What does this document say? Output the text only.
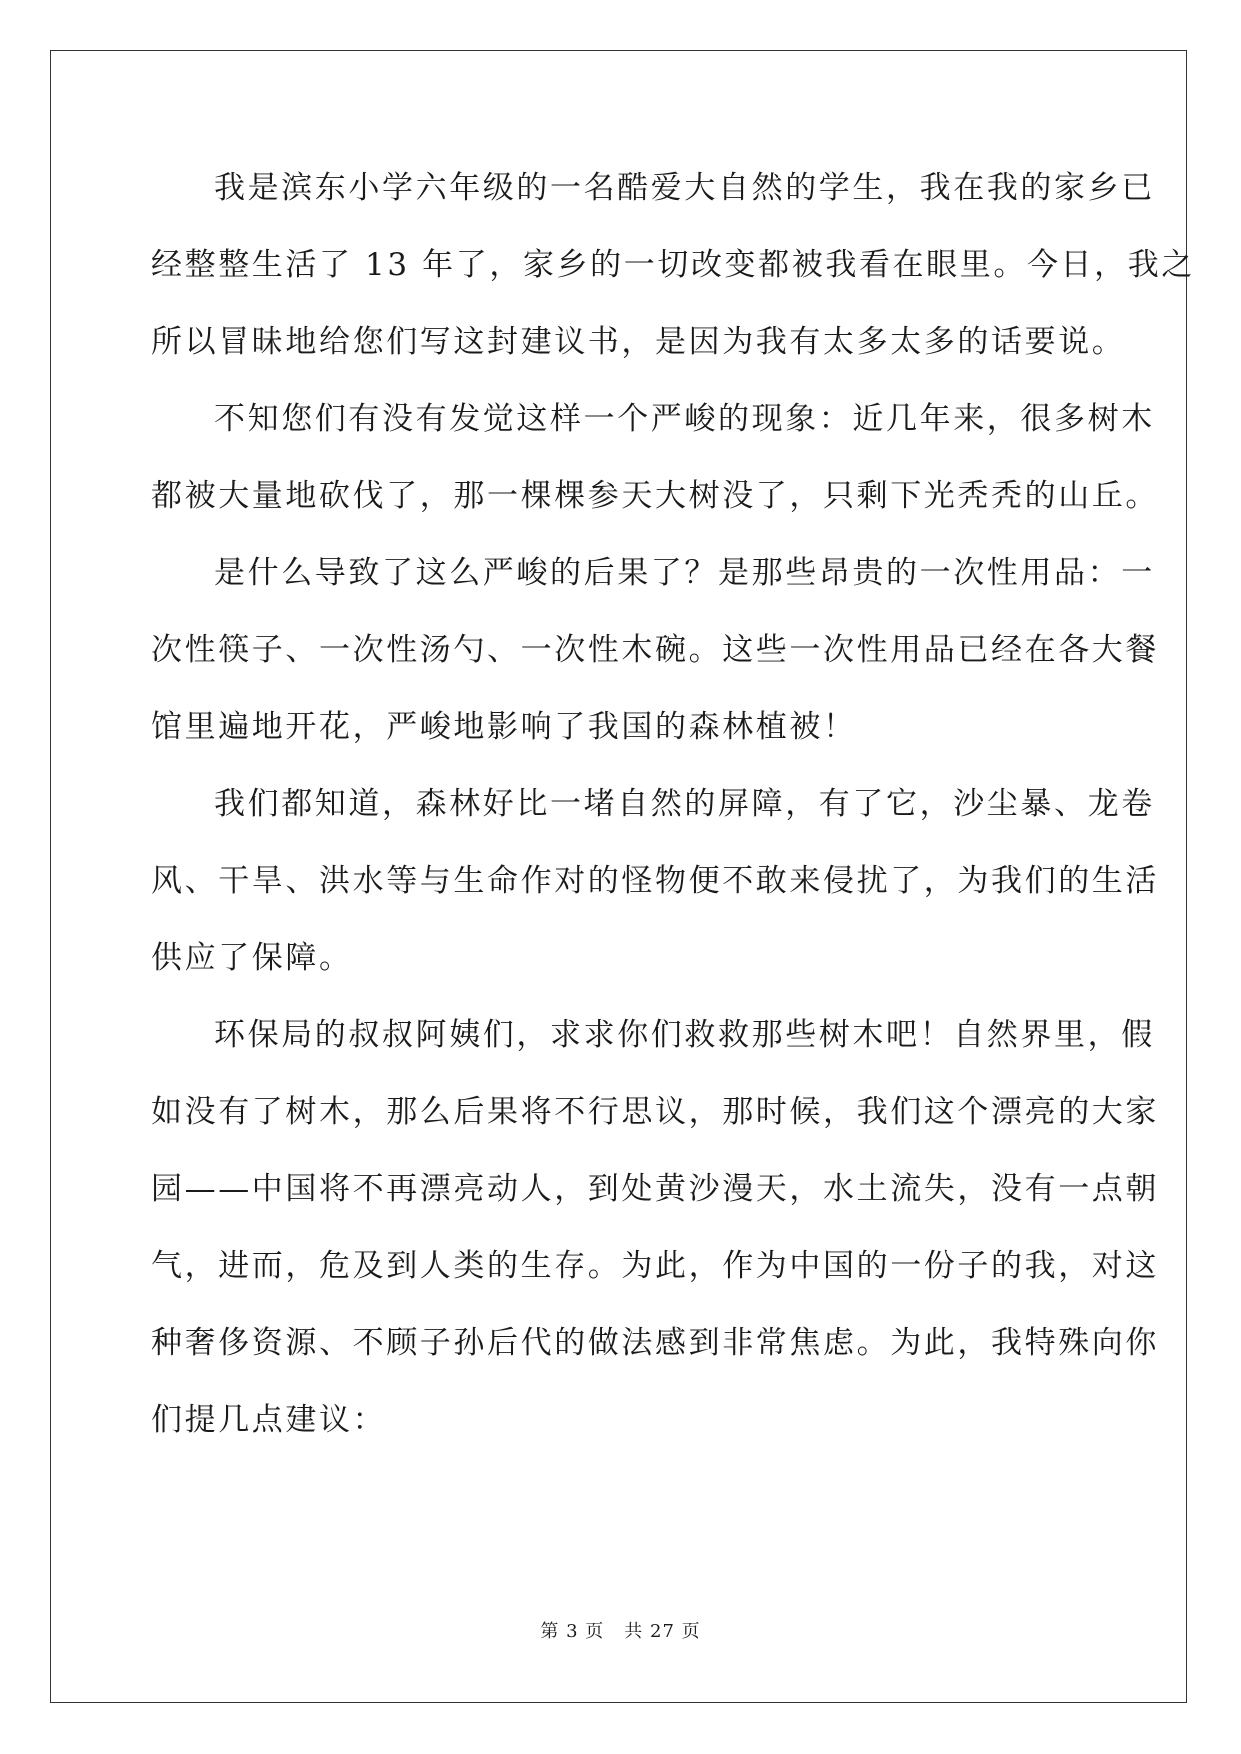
我是滨东小学六年级的一名酷爱大自然的学生，我在我的家乡已
经整整生活了 13 年了，家乡的一切改变都被我看在眼里。今日，我之
所以冒昧地给您们写这封建议书，是因为我有太多太多的话要说。
不知您们有没有发觉这样一个严峻的现象：近几年来，很多树木
都被大量地砍伐了，那一棵棵参天大树没了，只剩下光秃秃的山丘。
是什么导致了这么严峻的后果了？是那些昂贵的一次性用品：一
次性筷子、一次性汤勺、一次性木碗。这些一次性用品已经在各大餐
馆里遍地开花，严峻地影响了我国的森林植被！
我们都知道，森林好比一堵自然的屏障，有了它，沙尘暴、龙卷
风、干旱、洪水等与生命作对的怪物便不敢来侵扰了，为我们的生活
供应了保障。
环保局的叔叔阿姨们，求求你们救救那些树木吧！自然界里，假
如没有了树木，那么后果将不行思议，那时候，我们这个漂亮的大家
园——中国将不再漂亮动人，到处黄沙漫天，水土流失，没有一点朝
气，进而，危及到人类的生存。为此，作为中国的一份子的我，对这
种奢侈资源、不顾子孙后代的做法感到非常焦虑。为此，我特殊向你
们提几点建议：
第 3 页 共 27 页
